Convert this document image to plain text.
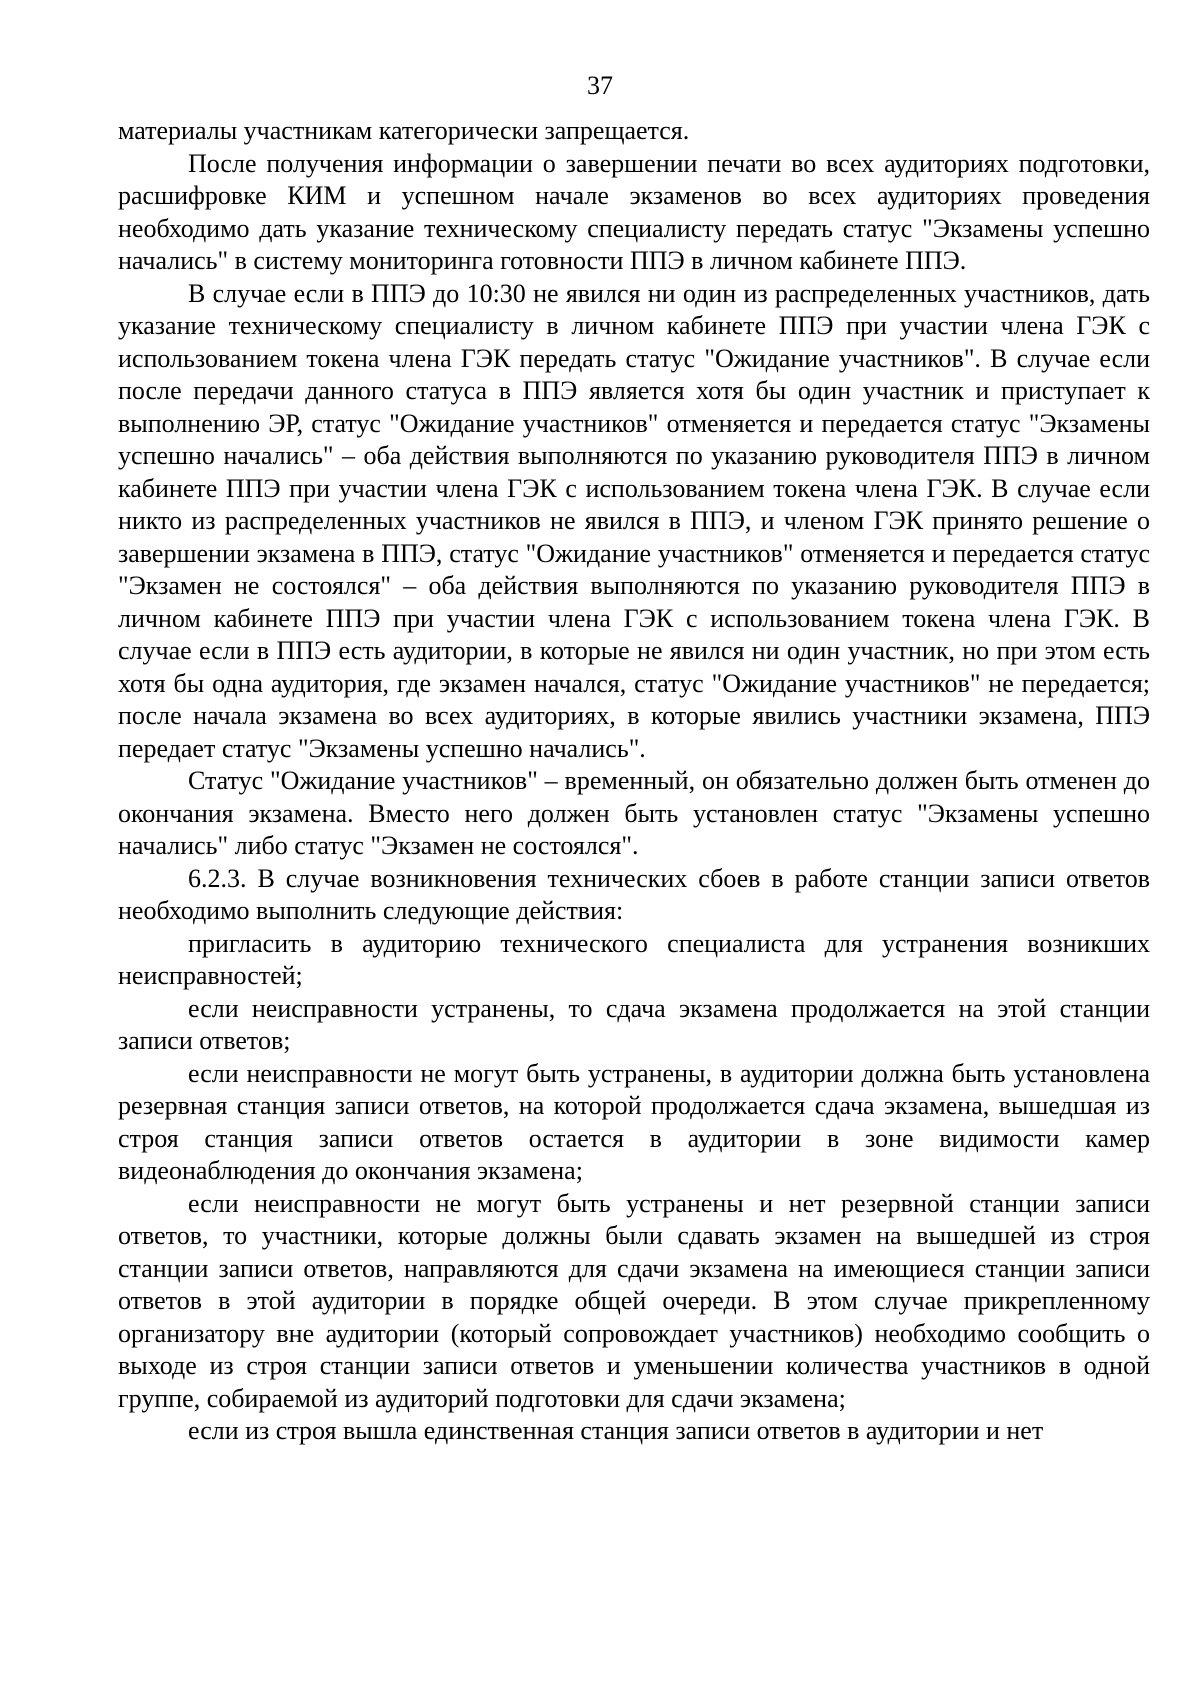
37

материалы участникам категорически запрещается.

После получения информации о завершении печати во всех аудиториях подготовки, расшифровке КИМ и успешном начале экзаменов во всех аудиториях проведения необходимо дать указание техническому специалисту передать статус "Экзамены успешно начались" в систему мониторинга готовности ППЭ в личном кабинете ППЭ.

В случае если в ППЭ до 10:30 не явился ни один из распределенных участников, дать указание техническому специалисту в личном кабинете ППЭ при участии члена ГЭК с использованием токена члена ГЭК передать статус "Ожидание участников". В случае если после передачи данного статуса в ППЭ является хотя бы один участник и приступает к выполнению ЭР, статус "Ожидание участников" отменяется и передается статус "Экзамены успешно начались" – оба действия выполняются по указанию руководителя ППЭ в личном кабинете ППЭ при участии члена ГЭК с использованием токена члена ГЭК. В случае если никто из распределенных участников не явился в ППЭ, и членом ГЭК принято решение о завершении экзамена в ППЭ, статус "Ожидание участников" отменяется и передается статус "Экзамен не состоялся" – оба действия выполняются по указанию руководителя ППЭ в личном кабинете ППЭ при участии члена ГЭК с использованием токена члена ГЭК. В случае если в ППЭ есть аудитории, в которые не явился ни один участник, но при этом есть хотя бы одна аудитория, где экзамен начался, статус "Ожидание участников" не передается; после начала экзамена во всех аудиториях, в которые явились участники экзамена, ППЭ передает статус "Экзамены успешно начались".

Статус "Ожидание участников" – временный, он обязательно должен быть отменен до окончания экзамена. Вместо него должен быть установлен статус "Экзамены успешно начались" либо статус "Экзамен не состоялся".

6.2.3. В случае возникновения технических сбоев в работе станции записи ответов необходимо выполнить следующие действия:

пригласить в аудиторию технического специалиста для устранения возникших неисправностей;

если неисправности устранены, то сдача экзамена продолжается на этой станции записи ответов;

если неисправности не могут быть устранены, в аудитории должна быть установлена резервная станция записи ответов, на которой продолжается сдача экзамена, вышедшая из строя станция записи ответов остается в аудитории в зоне видимости камер видеонаблюдения до окончания экзамена;

если неисправности не могут быть устранены и нет резервной станции записи ответов, то участники, которые должны были сдавать экзамен на вышедшей из строя станции записи ответов, направляются для сдачи экзамена на имеющиеся станции записи ответов в этой аудитории в порядке общей очереди. В этом случае прикрепленному организатору вне аудитории (который сопровождает участников) необходимо сообщить о выходе из строя станции записи ответов и уменьшении количества участников в одной группе, собираемой из аудиторий подготовки для сдачи экзамена;

если из строя вышла единственная станция записи ответов в аудитории и нет
